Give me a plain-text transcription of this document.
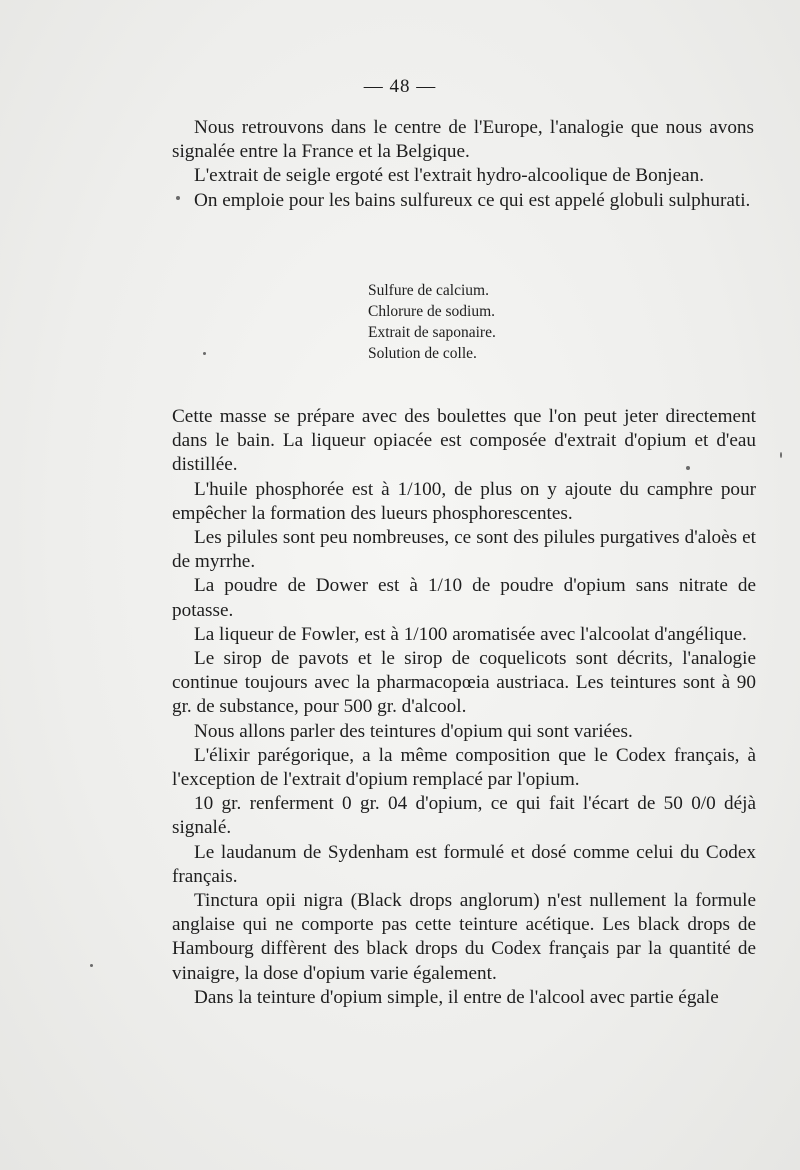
— 48 —

Nous retrouvons dans le centre de l'Europe, l'analogie que nous avons signalée entre la France et la Belgique.

L'extrait de seigle ergoté est l'extrait hydro-alcoolique de Bonjean.

On emploie pour les bains sulfureux ce qui est appelé globuli sulphurati.

Sulfure de calcium.
Chlorure de sodium.
Extrait de saponaire.
Solution de colle.

Cette masse se prépare avec des boulettes que l'on peut jeter directement dans le bain. La liqueur opiacée est composée d'extrait d'opium et d'eau distillée.

L'huile phosphorée est à 1/100, de plus on y ajoute du camphre pour empêcher la formation des lueurs phosphorescentes.

Les pilules sont peu nombreuses, ce sont des pilules purgatives d'aloès et de myrrhe.

La poudre de Dower est à 1/10 de poudre d'opium sans nitrate de potasse.

La liqueur de Fowler, est à 1/100 aromatisée avec l'alcoolat d'angélique.

Le sirop de pavots et le sirop de coquelicots sont décrits, l'analogie continue toujours avec la pharmacopœia austriaca. Les teintures sont à 90 gr. de substance, pour 500 gr. d'alcool.

Nous allons parler des teintures d'opium qui sont variées.

L'élixir parégorique, a la même composition que le Codex français, à l'exception de l'extrait d'opium remplacé par l'opium.

10 gr. renferment 0 gr. 04 d'opium, ce qui fait l'écart de 50 0/0 déjà signalé.

Le laudanum de Sydenham est formulé et dosé comme celui du Codex français.

Tinctura opii nigra (Black drops anglorum) n'est nullement la formule anglaise qui ne comporte pas cette teinture acétique. Les black drops de Hambourg diffèrent des black drops du Codex français par la quantité de vinaigre, la dose d'opium varie également.

Dans la teinture d'opium simple, il entre de l'alcool avec partie égale
